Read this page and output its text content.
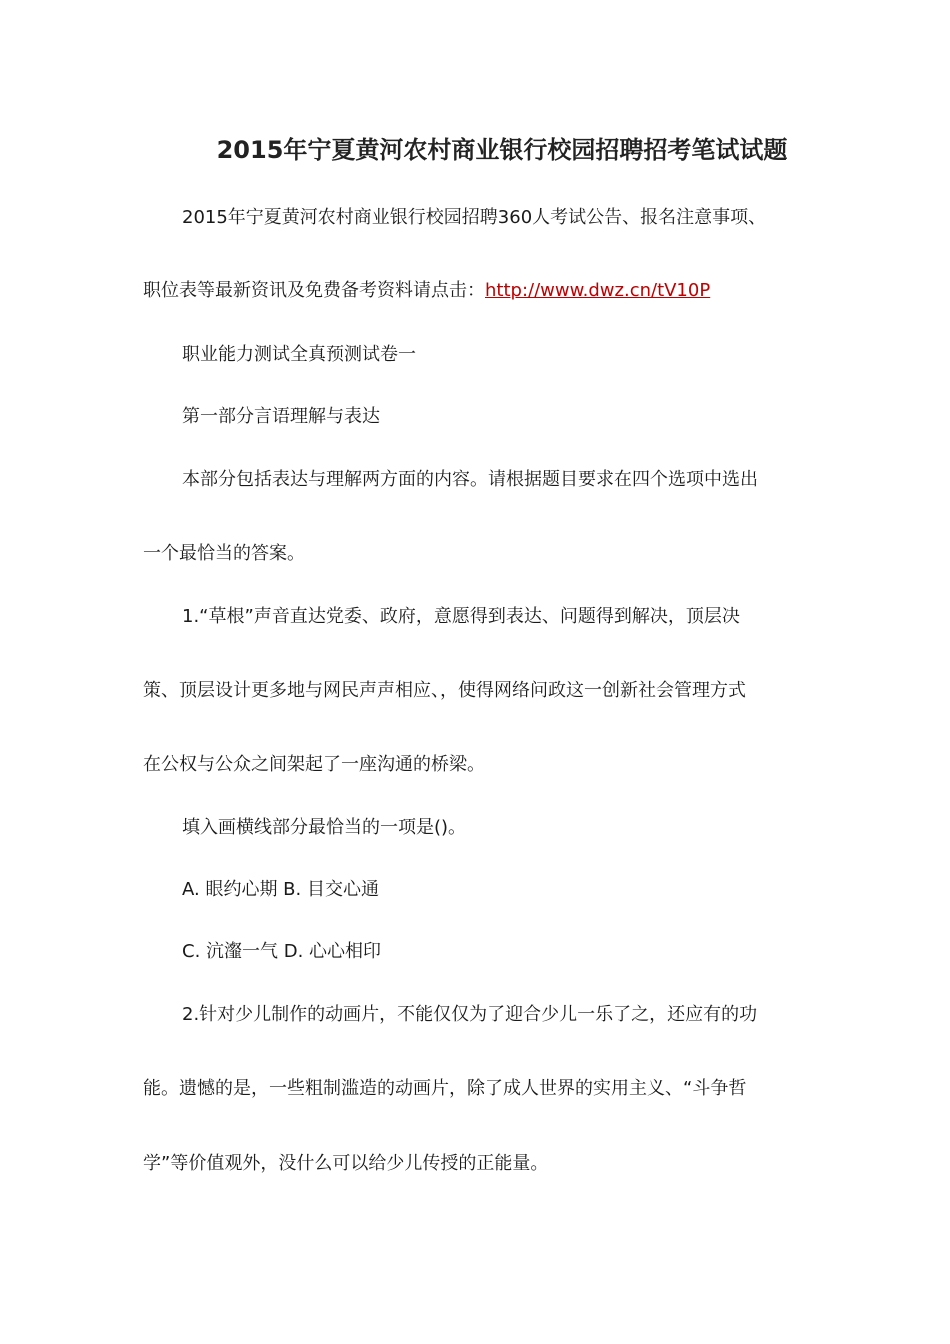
2015年宁夏黄河农村商业银行校园招聘招考笔试试题
2015年宁夏黄河农村商业银行校园招聘360人考试公告、报名注意事项、
职位表等最新资讯及免费备考资料请点击：http://www.dwz.cn/tV10P
职业能力测试全真预测试卷一
第一部分言语理解与表达
本部分包括表达与理解两方面的内容。请根据题目要求在四个选项中选出
一个最恰当的答案。
1.“草根”声音直达党委、政府，意愿得到表达、问题得到解决，顶层决
策、顶层设计更多地与网民声声相应、，使得网络问政这一创新社会管理方式
在公权与公众之间架起了一座沟通的桥梁。
填入画横线部分最恰当的一项是()。
A. 眼约心期 B. 目交心通
C. 沆瀣一气 D. 心心相印
2.针对少儿制作的动画片，不能仅仅为了迎合少儿一乐了之，还应有的功
能。遗憾的是，一些粗制滥造的动画片，除了成人世界的实用主义、“斗争哲
学”等价值观外，没什么可以给少儿传授的正能量。
